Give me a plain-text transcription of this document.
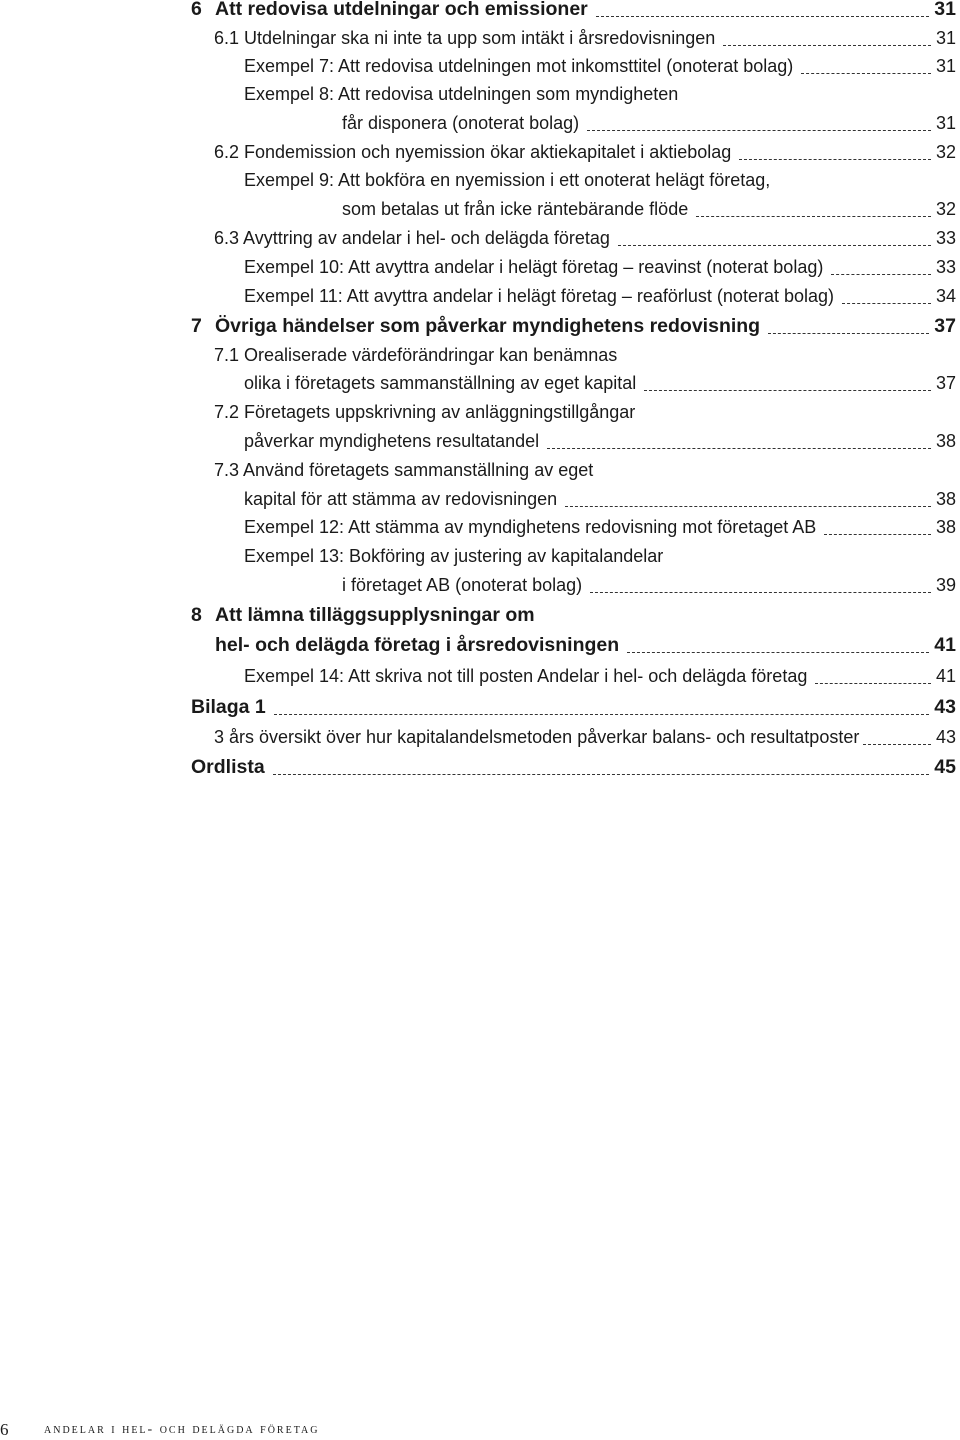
6 Att redovisa utdelningar och emissioner	31
6.1 Utdelningar ska ni inte ta upp som intäkt i årsredovisningen	31
Exempel 7: Att redovisa utdelningen mot inkomsttitel (onoterat bolag)	31
Exempel 8: Att redovisa utdelningen som myndigheten
får disponera (onoterat bolag)	31
6.2 Fondemission och nyemission ökar aktiekapitalet i aktiebolag	32
Exempel 9: Att bokföra en nyemission i ett onoterat helägt företag,
som betalas ut från icke räntebärande flöde	32
6.3 Avyttring av andelar i hel- och delägda företag	33
Exempel 10: Att avyttra andelar i helägt företag – reavinst (noterat bolag)	33
Exempel 11: Att avyttra andelar i helägt företag – reaförlust (noterat bolag)	34
7 Övriga händelser som påverkar myndighetens redovisning	37
7.1 Orealiserade värdeförändringar kan benämnas
olika i företagets sammanställning av eget kapital	37
7.2 Företagets uppskrivning av anläggningstillgångar
påverkar myndighetens resultatandel	38
7.3 Använd företagets sammanställning av eget
kapital för att stämma av redovisningen	38
Exempel 12: Att stämma av myndighetens redovisning mot företaget AB	38
Exempel 13: Bokföring av justering av kapitalandelar
i företaget AB (onoterat bolag)	39
8 Att lämna tilläggsupplysningar om
hel- och delägda företag i årsredovisningen	41
Exempel 14: Att skriva not till posten Andelar i hel- och delägda företag	41
Bilaga 1	43
3 års översikt över hur kapitalandelsmetoden påverkar balans- och resultatposter	43
Ordlista	45
6	andelar i hel- och delägda företag
